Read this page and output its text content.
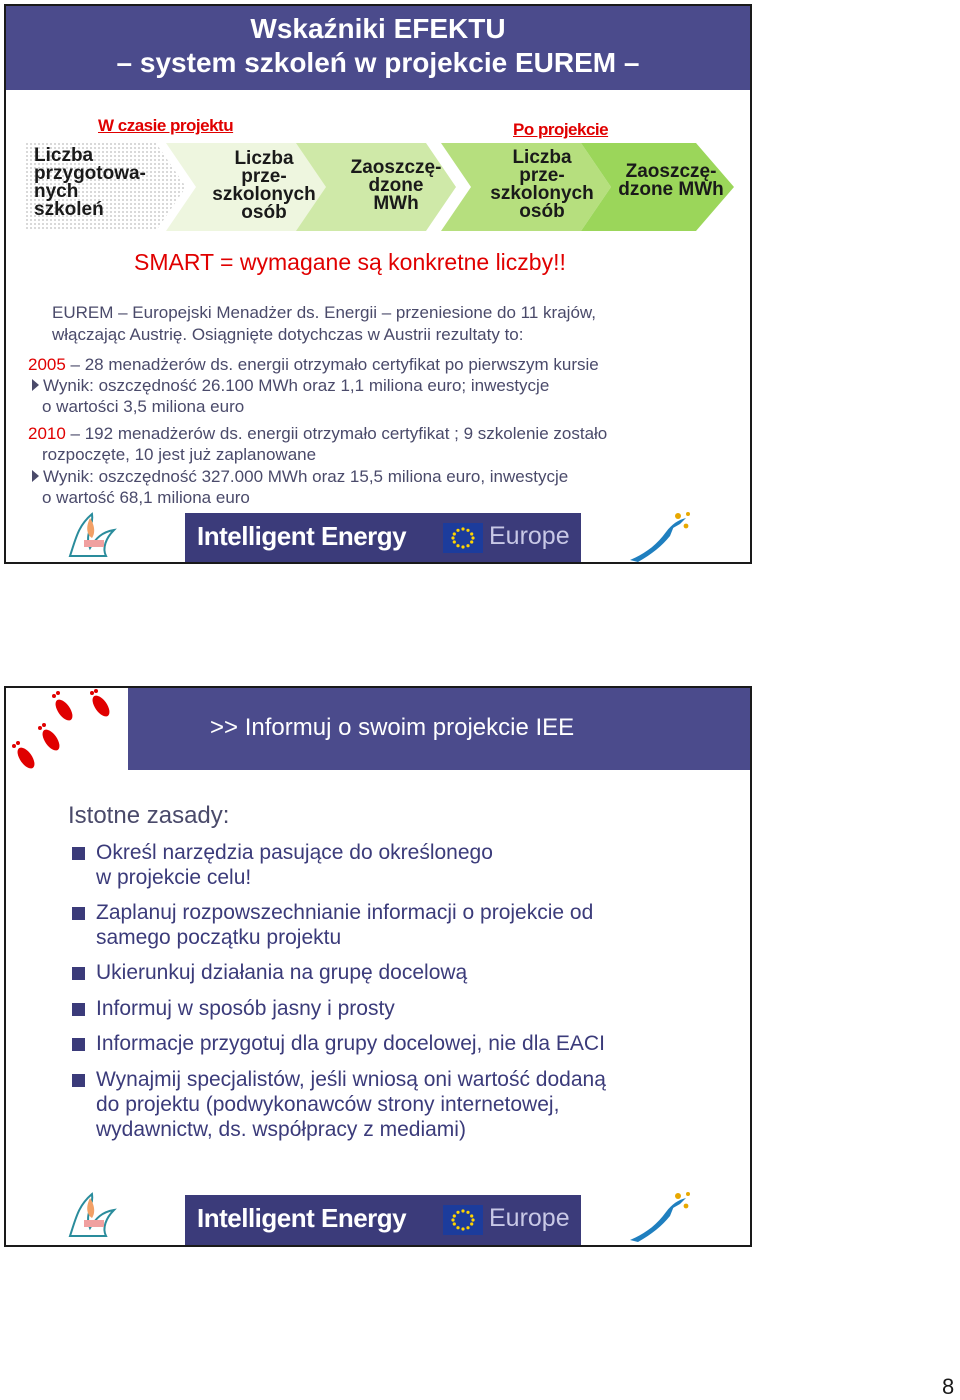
Wskaźniki EFEKTU
– system szkoleń w projekcie EUREM –
W czasie projektu	Po projekcie
Liczba
przygotowa-
nych
szkoleń
Liczba
prze-
szkolonych
osób
Zaoszczę-
dzone
MWh
Liczba
prze-
szkolonych
osób
Zaoszczę-
dzone MWh
SMART = wymagane są konkretne liczby!!
EUREM – Europejski Menadżer ds. Energii – przeniesione do 11 krajów,
włączając Austrię. Osiągnięte dotychczas w Austrii rezultaty to:
2005 – 28 menadżerów ds. energii otrzymało certyfikat po pierwszym kursie
Wynik: oszczędność 26.100 MWh oraz 1,1 miliona euro; inwestycje
o wartości 3,5 miliona euro
2010 – 192 menadżerów ds. energii otrzymało certyfikat ; 9 szkolenie zostało
rozpoczęte, 10 jest już zaplanowane
Wynik: oszczędność 327.000 MWh oraz 15,5 miliona euro, inwestycje
o wartość 68,1 miliona euro
Intelligent Energy	Europe
>> Informuj o swoim projekcie IEE
Istotne zasady:
Określ narzędzia pasujące do określonego
w projekcie celu!
Zaplanuj rozpowszechnianie informacji o projekcie od
samego początku projektu
Ukierunkuj działania na grupę docelową
Informuj w sposób jasny i prosty
Informacje przygotuj dla grupy docelowej, nie dla EACI
Wynajmij specjalistów, jeśli wniosą oni wartość dodaną
do projektu (podwykonawców strony internetowej,
wydawnictw, ds. współpracy z mediami)
Intelligent Energy	Europe
8
